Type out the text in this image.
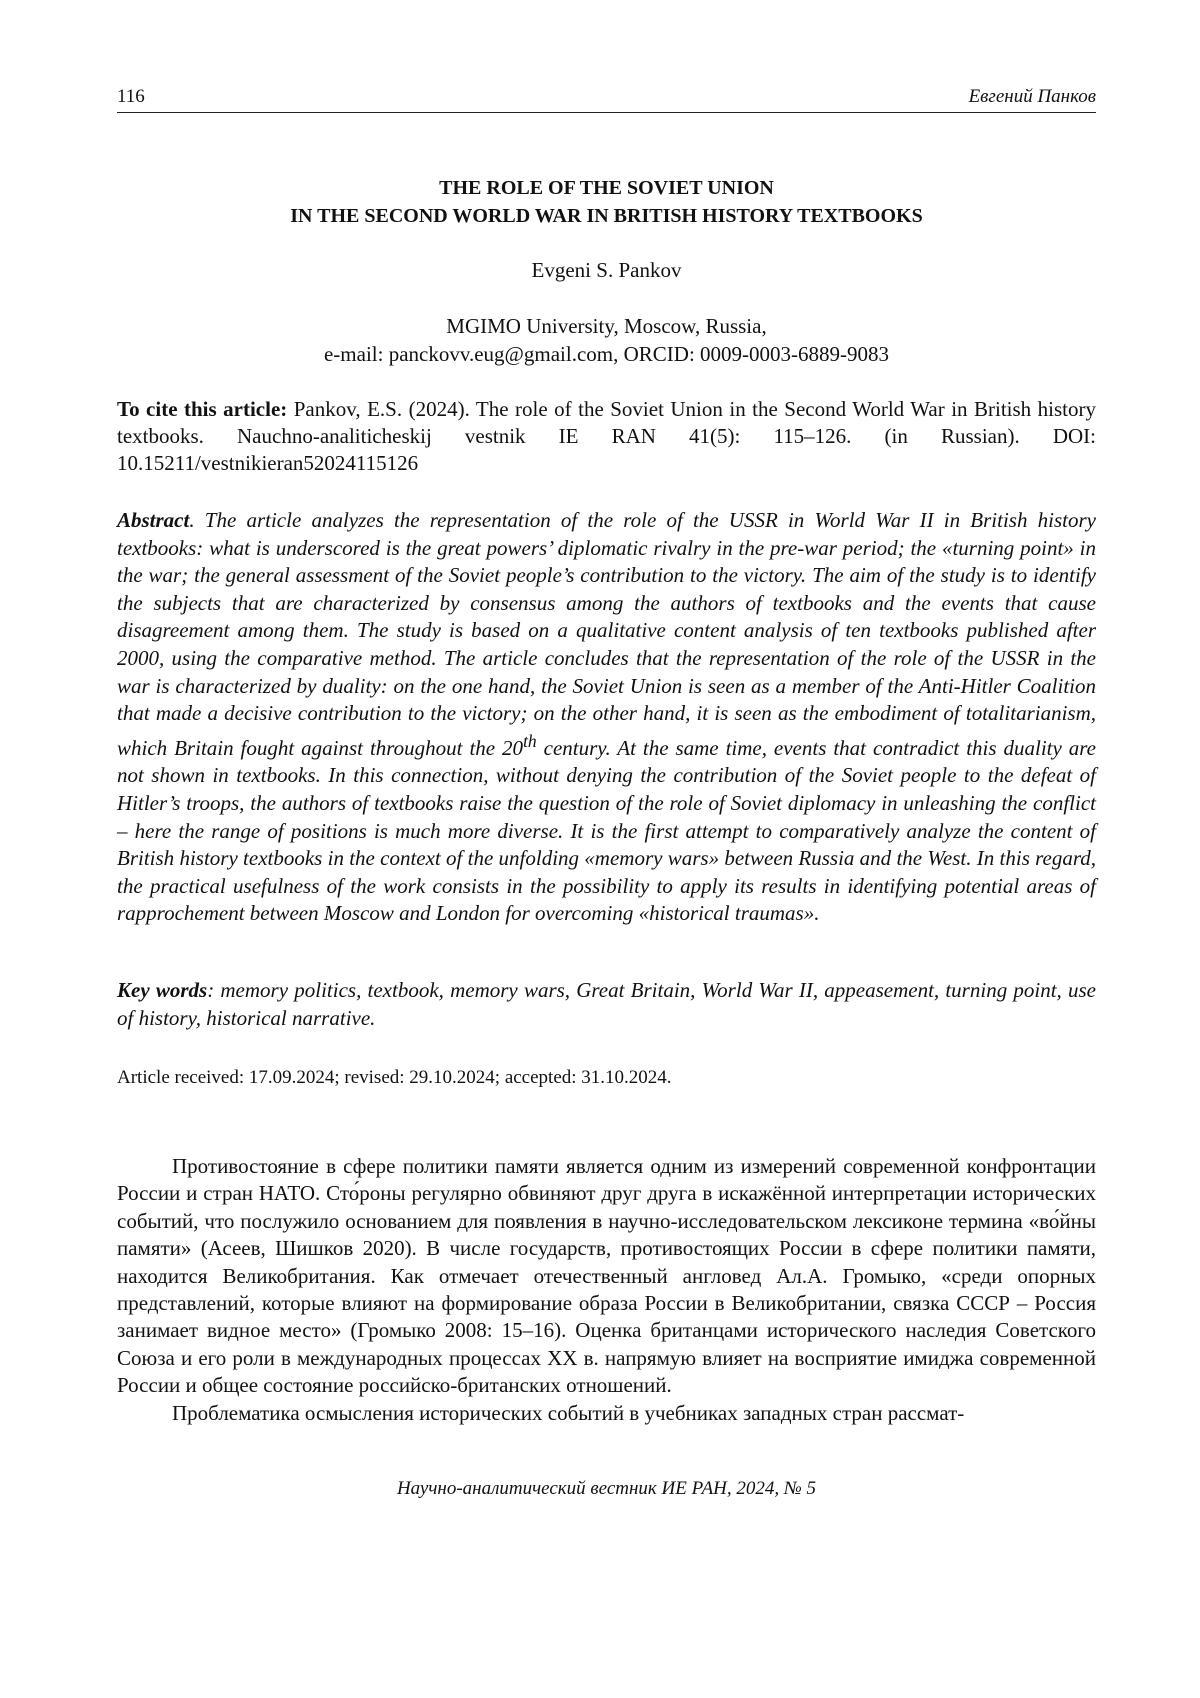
116	Евгений Панков
THE ROLE OF THE SOVIET UNION
IN THE SECOND WORLD WAR IN BRITISH HISTORY TEXTBOOKS
Evgeni S. Pankov
MGIMO University, Moscow, Russia,
e-mail: panckovv.eug@gmail.com, ORCID: 0009-0003-6889-9083
To cite this article: Pankov, E.S. (2024). The role of the Soviet Union in the Second World War in British history textbooks. Nauchno-analiticheskij vestnik IE RAN 41(5): 115–126. (in Russian). DOI: 10.15211/vestnikieran52024115126
Abstract. The article analyzes the representation of the role of the USSR in World War II in British history textbooks: what is underscored is the great powers’ diplomatic rivalry in the pre-war period; the «turning point» in the war; the general assessment of the Soviet people’s contribution to the victory. The aim of the study is to identify the subjects that are characterized by consensus among the authors of textbooks and the events that cause disagreement among them. The study is based on a qualitative content analysis of ten textbooks published after 2000, using the comparative method. The article concludes that the representation of the role of the USSR in the war is characterized by duality: on the one hand, the Soviet Union is seen as a member of the Anti-Hitler Coalition that made a decisive contribution to the victory; on the other hand, it is seen as the embodiment of totalitarianism, which Britain fought against throughout the 20th century. At the same time, events that contradict this duality are not shown in textbooks. In this connection, without denying the contribution of the Soviet people to the defeat of Hitler’s troops, the authors of textbooks raise the question of the role of Soviet diplomacy in unleashing the conflict – here the range of positions is much more diverse. It is the first attempt to comparatively analyze the content of British history textbooks in the context of the unfolding «memory wars» between Russia and the West. In this regard, the practical usefulness of the work consists in the possibility to apply its results in identifying potential areas of rapprochement between Moscow and London for overcoming «historical traumas».
Key words: memory politics, textbook, memory wars, Great Britain, World War II, appeasement, turning point, use of history, historical narrative.
Article received: 17.09.2024; revised: 29.10.2024; accepted: 31.10.2024.

Противостояние в сфере политики памяти является одним из измерений современной конфронтации России и стран НАТО. Сто́роны регулярно обвиняют друг друга в искажённой интерпретации исторических событий, что послужило основанием для появления в научно-исследовательском лексиконе термина «во́йны памяти» (Асеев, Шишков 2020). В числе государств, противостоящих России в сфере политики памяти, находится Великобритания. Как отмечает отечественный англовед Ал.А. Громыко, «среди опорных представлений, которые влияют на формирование образа России в Великобритании, связка СССР – Россия занимает видное место» (Громыко 2008: 15–16). Оценка британцами исторического наследия Советского Союза и его роли в международных процессах XX в. напрямую влияет на восприятие имиджа современной России и общее состояние российско-британских отношений.

Проблематика осмысления исторических событий в учебниках западных стран рассмат-

Научно-аналитический вестник ИЕ РАН, 2024, № 5
